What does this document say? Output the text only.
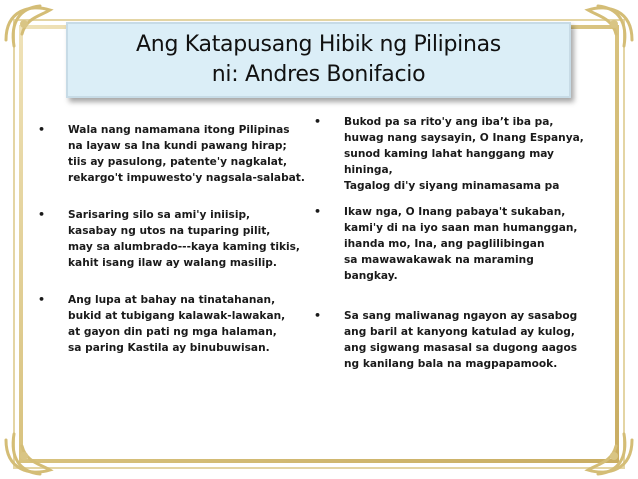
Ang Katapusang Hibik ng Pilipinas
ni: Andres Bonifacio
• Wala nang namamana itong Pilipinas
na layaw sa Ina kundi pawang hirap;
tiis ay pasulong, patente'y nagkalat,
rekargo't impuwesto'y nagsala-salabat.
• Sarisaring silo sa ami'y iniisip,
kasabay ng utos na tuparing pilit,
may sa alumbrado---kaya kaming tikis,
kahit isang ilaw ay walang masilip.
• Ang lupa at bahay na tinatahanan,
bukid at tubigang kalawak-lawakan,
at gayon din pati ng mga halaman,
sa paring Kastila ay binubuwisan.
• Bukod pa sa rito'y ang iba’t iba pa,
huwag nang saysayin, O Inang Espanya,
sunod kaming lahat hanggang may
hininga,
Tagalog di'y siyang minamasama pa
• Ikaw nga, O Inang pabaya't sukaban,
kami'y di na iyo saan man humanggan,
ihanda mo, Ina, ang paglilibingan
sa mawawakawak na maraming
bangkay.
• Sa sang maliwanag ngayon ay sasabog
ang baril at kanyong katulad ay kulog,
ang sigwang masasal sa dugong aagos
ng kanilang bala na magpapamook.
